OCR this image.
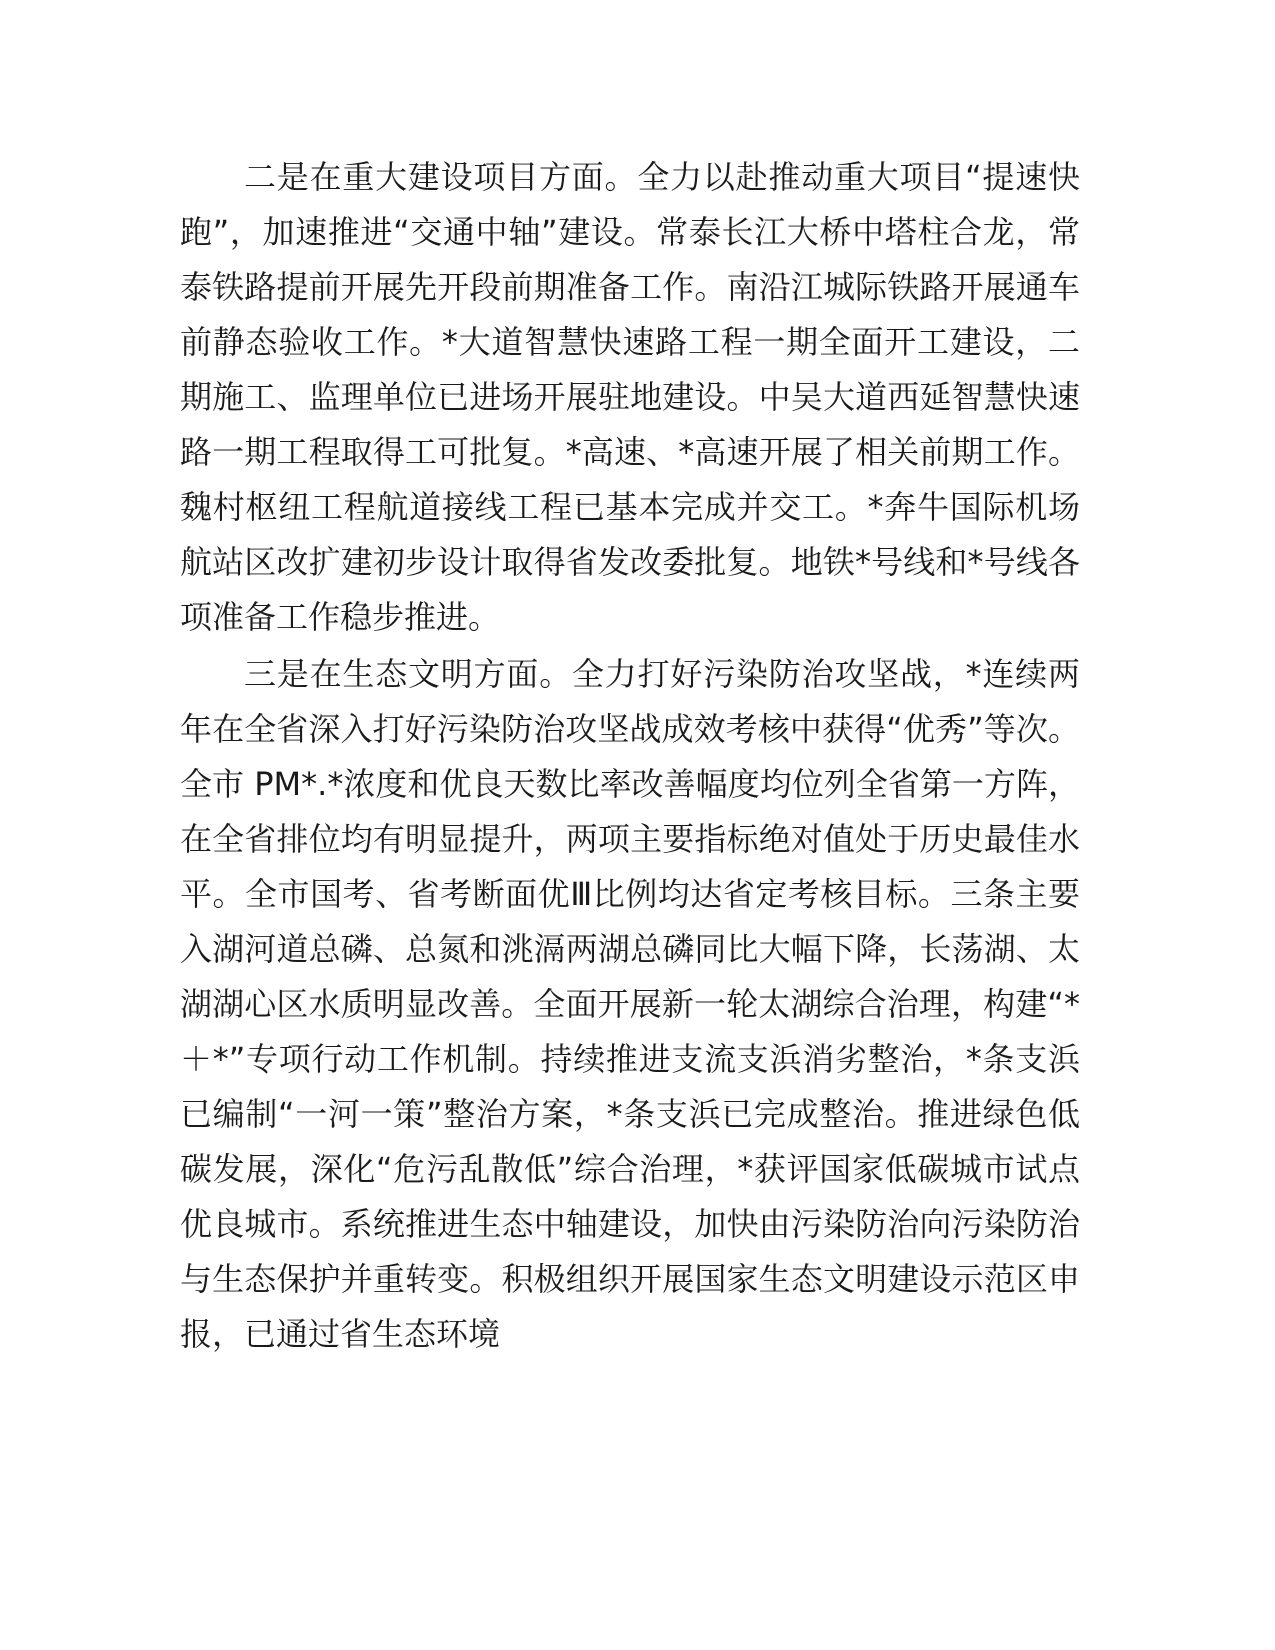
二是在重大建设项目方面。全力以赴推动重大项目“提速快跑”，加速推进“交通中轴”建设。常泰长江大桥中塔柱合龙，常泰铁路提前开展先开段前期准备工作。南沿江城际铁路开展通车前静态验收工作。*大道智慧快速路工程一期全面开工建设，二期施工、监理单位已进场开展驻地建设。中吴大道西延智慧快速路一期工程取得工可批复。*高速、*高速开展了相关前期工作。魏村枢纽工程航道接线工程已基本完成并交工。*奔牛国际机场航站区改扩建初步设计取得省发改委批复。地铁*号线和*号线各项准备工作稳步推进。

三是在生态文明方面。全力打好污染防治攻坚战，*连续两年在全省深入打好污染防治攻坚战成效考核中获得“优秀”等次。全市 PM*.*浓度和优良天数比率改善幅度均位列全省第一方阵，在全省排位均有明显提升，两项主要指标绝对值处于历史最佳水平。全市国考、省考断面优Ⅲ比例均达省定考核目标。三条主要入湖河道总磷、总氮和洮滆两湖总磷同比大幅下降，长荡湖、太湖湖心区水质明显改善。全面开展新一轮太湖综合治理，构建“*＋*”专项行动工作机制。持续推进支流支浜消劣整治，*条支浜已编制“一河一策”整治方案，*条支浜已完成整治。推进绿色低碳发展，深化“危污乱散低”综合治理，*获评国家低碳城市试点优良城市。系统推进生态中轴建设，加快由污染防治向污染防治与生态保护并重转变。积极组织开展国家生态文明建设示范区申报，已通过省生态环境
